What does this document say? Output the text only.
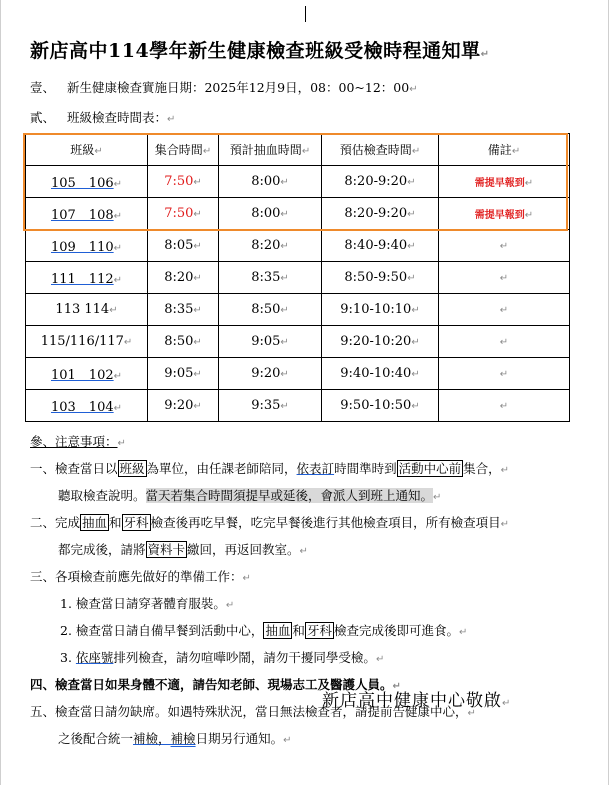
新店高中114學年新生健康檢查班級受檢時程通知單↵
壹、 新生健康檢查實施日期：2025年12月9日，08：00~12：00↵
貳、 班級檢查時間表：↵
班級↵	集合時間↵	預計抽血時間↵	預估檢查時間↵	備註↵
105　106↵	7:50↵	8:00↵	8:20-9:20↵	需提早報到↵
107　108↵	7:50↵	8:00↵	8:20-9:20↵	需提早報到↵
109　110↵	8:05↵	8:20↵	8:40-9:40↵	↵
111　112↵	8:20↵	8:35↵	8:50-9:50↵	↵
113 114↵	8:35↵	8:50↵	9:10-10:10↵	↵
115/116/117↵	8:50↵	9:05↵	9:20-10:20↵	↵
101　102↵	9:05↵	9:20↵	9:40-10:40↵	↵
103　104↵	9:20↵	9:35↵	9:50-10:50↵	↵
參、注意事項：↵
一、檢查當日以 班級 為單位，由任課老師陪同，依表訂時間準時到 活動中心前 集合，↵
聽取檢查說明。當天若集合時間須提早或延後，會派人到班上通知。↵
二、完成 抽血 和 牙科 檢查後再吃早餐，吃完早餐後進行其他檢查項目，所有檢查項目↵
都完成後，請將 資料卡 繳回，再返回教室。↵
三、各項檢查前應先做好的準備工作：↵
1. 檢查當日請穿著體育服裝。↵
2. 檢查當日請自備早餐到活動中心， 抽血 和 牙科 檢查完成後即可進食。↵
3. 依座號排列檢查，請勿喧嘩吵鬧，請勿干擾同學受檢。↵
四、檢查當日如果身體不適，請告知老師、現場志工及醫護人員。↵
五、檢查當日請勿缺席。如遇特殊狀況，當日無法檢查者，請提前告健康中心，↵
之後配合統一補檢，補檢日期另行通知。↵
新店高中健康中心敬啟↵
